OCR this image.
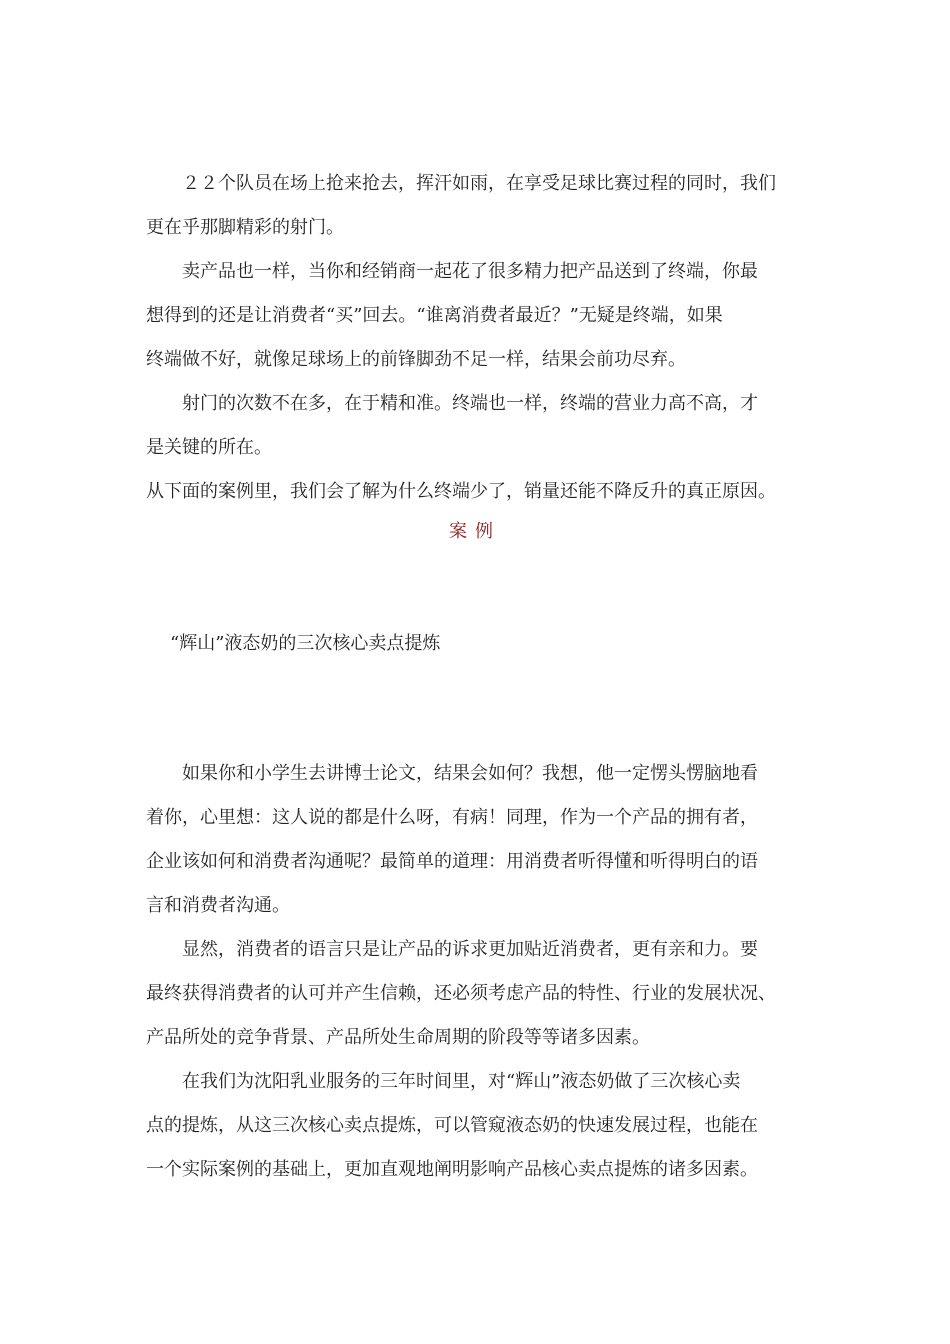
２２个队员在场上抢来抢去，挥汗如雨，在享受足球比赛过程的同时，我们
更在乎那脚精彩的射门。
卖产品也一样，当你和经销商一起花了很多精力把产品送到了终端，你最
想得到的还是让消费者“买”回去。“谁离消费者最近？”无疑是终端，如果
终端做不好，就像足球场上的前锋脚劲不足一样，结果会前功尽弃。
射门的次数不在多，在于精和准。终端也一样，终端的营业力高不高，才
是关键的所在。
从下面的案例里，我们会了解为什么终端少了，销量还能不降反升的真正原因。
案例
“辉山”液态奶的三次核心卖点提炼
如果你和小学生去讲博士论文，结果会如何？我想，他一定愣头愣脑地看
着你，心里想：这人说的都是什么呀，有病！同理，作为一个产品的拥有者，
企业该如何和消费者沟通呢？最简单的道理：用消费者听得懂和听得明白的语
言和消费者沟通。
显然，消费者的语言只是让产品的诉求更加贴近消费者，更有亲和力。要
最终获得消费者的认可并产生信赖，还必须考虑产品的特性、行业的发展状况、
产品所处的竞争背景、产品所处生命周期的阶段等等诸多因素。
在我们为沈阳乳业服务的三年时间里，对“辉山”液态奶做了三次核心卖
点的提炼，从这三次核心卖点提炼，可以管窥液态奶的快速发展过程，也能在
一个实际案例的基础上，更加直观地阐明影响产品核心卖点提炼的诸多因素。
